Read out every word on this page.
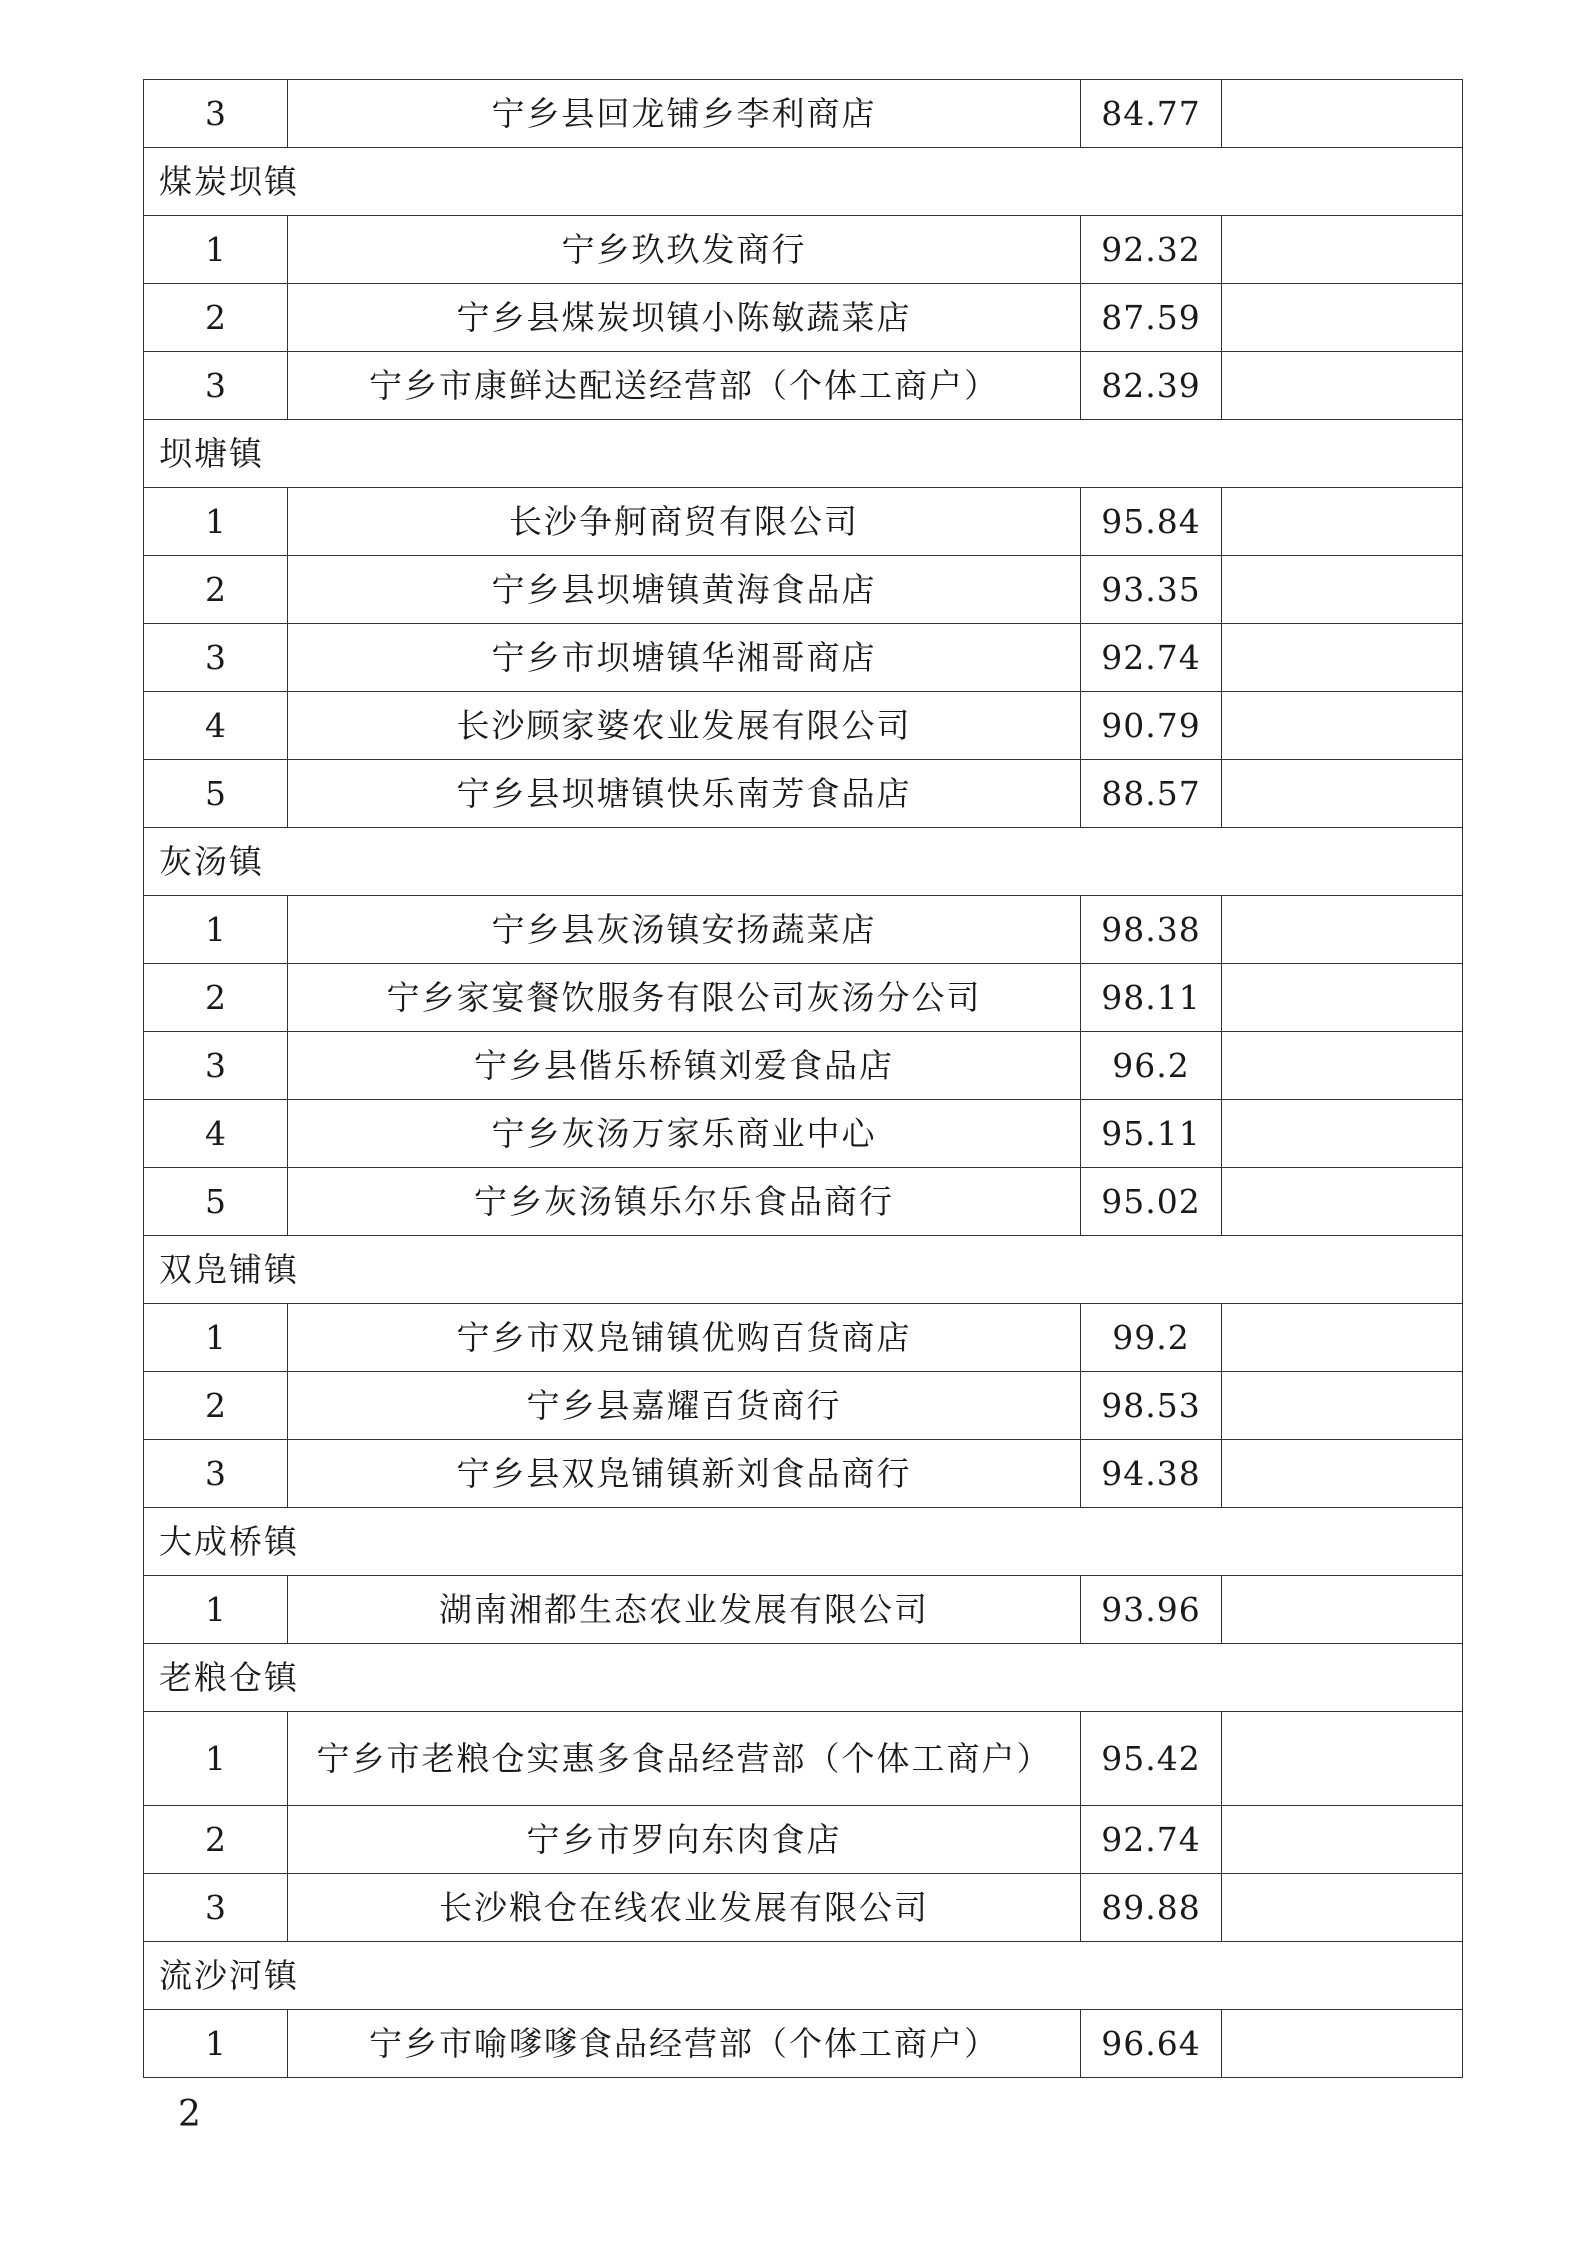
3	宁乡县回龙铺乡李利商店	84.77	
煤炭坝镇			
1	宁乡玖玖发商行	92.32	
2	宁乡县煤炭坝镇小陈敏蔬菜店	87.59	
3	宁乡市康鲜达配送经营部（个体工商户）	82.39	
坝塘镇			
1	长沙争舸商贸有限公司	95.84	
2	宁乡县坝塘镇黄海食品店	93.35	
3	宁乡市坝塘镇华湘哥商店	92.74	
4	长沙顾家婆农业发展有限公司	90.79	
5	宁乡县坝塘镇快乐南芳食品店	88.57	
灰汤镇			
1	宁乡县灰汤镇安扬蔬菜店	98.38	
2	宁乡家宴餐饮服务有限公司灰汤分公司	98.11	
3	宁乡县偕乐桥镇刘爱食品店	96.2	
4	宁乡灰汤万家乐商业中心	95.11	
5	宁乡灰汤镇乐尔乐食品商行	95.02	
双凫铺镇			
1	宁乡市双凫铺镇优购百货商店	99.2	
2	宁乡县嘉耀百货商行	98.53	
3	宁乡县双凫铺镇新刘食品商行	94.38	
大成桥镇			
1	湖南湘都生态农业发展有限公司	93.96	
老粮仓镇			
1	宁乡市老粮仓实惠多食品经营部（个体工商户）	95.42	
2	宁乡市罗向东肉食店	92.74	
3	长沙粮仓在线农业发展有限公司	89.88	
流沙河镇			
1	宁乡市喻嗲嗲食品经营部（个体工商户）	96.64	
2
